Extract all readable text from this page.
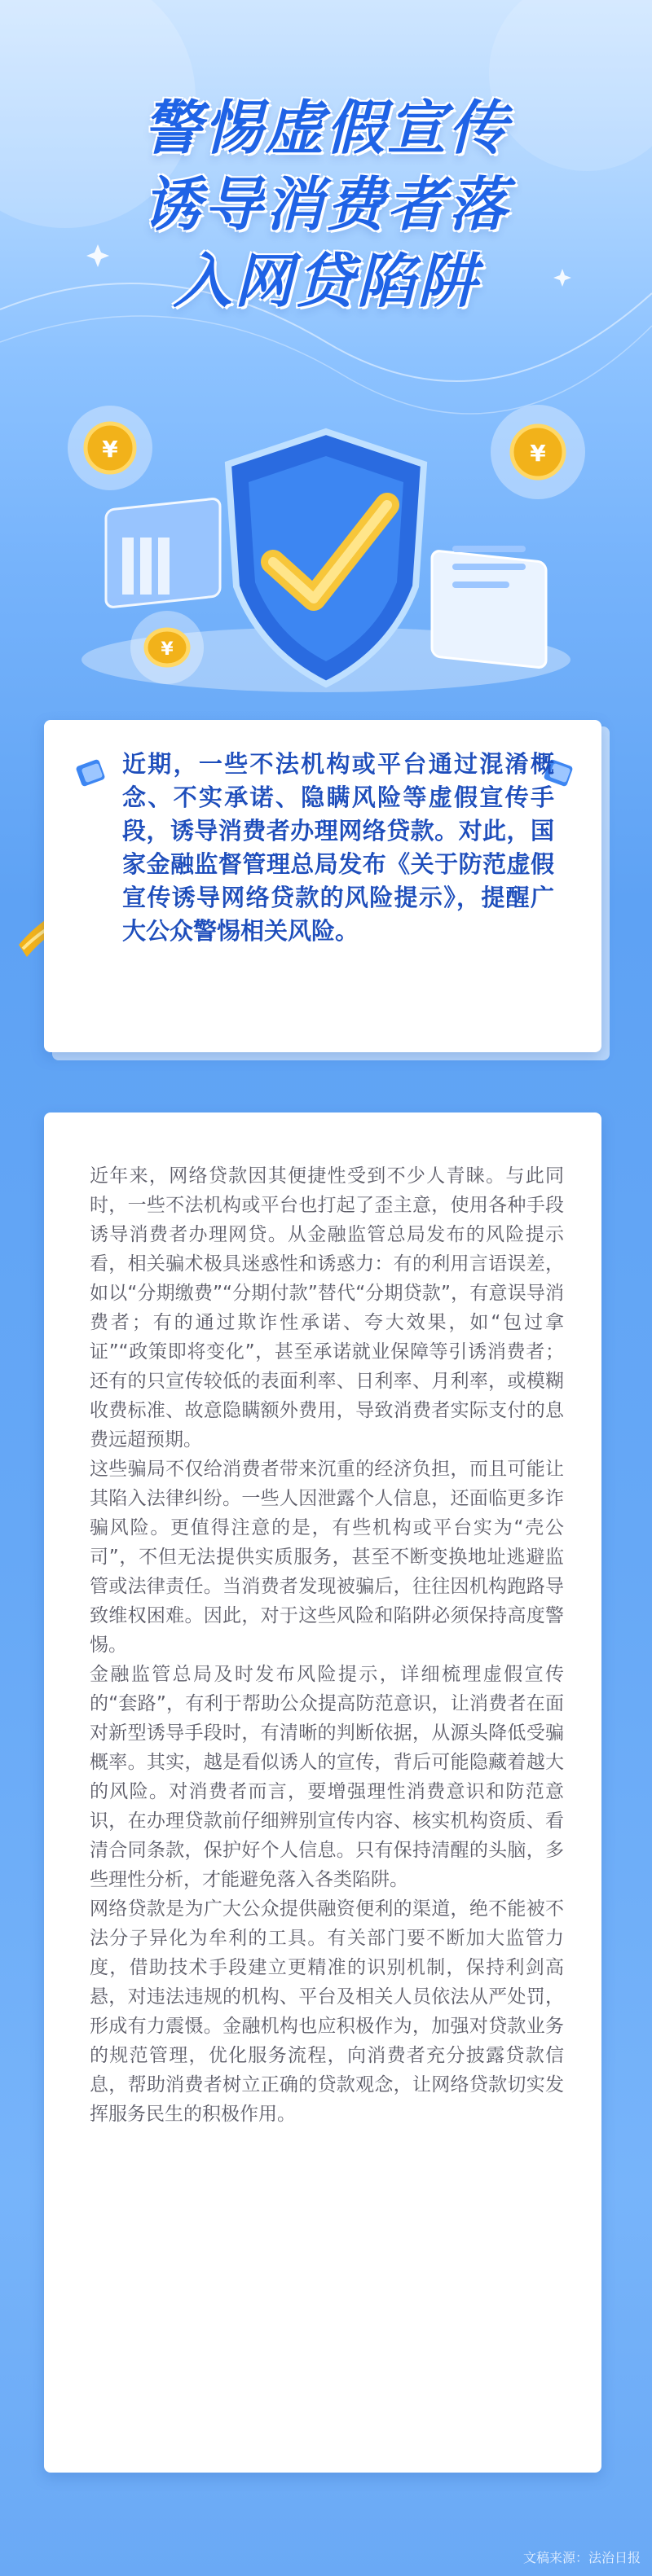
警惕虚假宣传
诱导消费者落
入网贷陷阱
¥	¥
¥
近期，一些不法机构或平台通过混淆概念、不实承诺、隐瞒风险等虚假宣传手段，诱导消费者办理网络贷款。对此，国家金融监督管理总局发布《关于防范虚假宣传诱导网络贷款的风险提示》，提醒广大公众警惕相关风险。

近年来，网络贷款因其便捷性受到不少人青睐。与此同时，一些不法机构或平台也打起了歪主意，使用各种手段诱导消费者办理网贷。从金融监管总局发布的风险提示看，相关骗术极具迷惑性和诱惑力：有的利用言语误差，如以“分期缴费”“分期付款”替代“分期贷款”，有意误导消费者；有的通过欺诈性承诺、夸大效果，如“包过拿证”“政策即将变化”，甚至承诺就业保障等引诱消费者；还有的只宣传较低的表面利率、日利率、月利率，或模糊收费标准、故意隐瞒额外费用，导致消费者实际支付的息费远超预期。

这些骗局不仅给消费者带来沉重的经济负担，而且可能让其陷入法律纠纷。一些人因泄露个人信息，还面临更多诈骗风险。更值得注意的是，有些机构或平台实为“壳公司”，不但无法提供实质服务，甚至不断变换地址逃避监管或法律责任。当消费者发现被骗后，往往因机构跑路导致维权困难。因此，对于这些风险和陷阱必须保持高度警惕。

金融监管总局及时发布风险提示，详细梳理虚假宣传的“套路”，有利于帮助公众提高防范意识，让消费者在面对新型诱导手段时，有清晰的判断依据，从源头降低受骗概率。其实，越是看似诱人的宣传，背后可能隐藏着越大的风险。对消费者而言，要增强理性消费意识和防范意识，在办理贷款前仔细辨别宣传内容、核实机构资质、看清合同条款，保护好个人信息。只有保持清醒的头脑，多些理性分析，才能避免落入各类陷阱。

网络贷款是为广大公众提供融资便利的渠道，绝不能被不法分子异化为牟利的工具。有关部门要不断加大监管力度，借助技术手段建立更精准的识别机制，保持利剑高悬，对违法违规的机构、平台及相关人员依法从严处罚，形成有力震慑。金融机构也应积极作为，加强对贷款业务的规范管理，优化服务流程，向消费者充分披露贷款信息，帮助消费者树立正确的贷款观念，让网络贷款切实发挥服务民生的积极作用。

文稿来源：法治日报
